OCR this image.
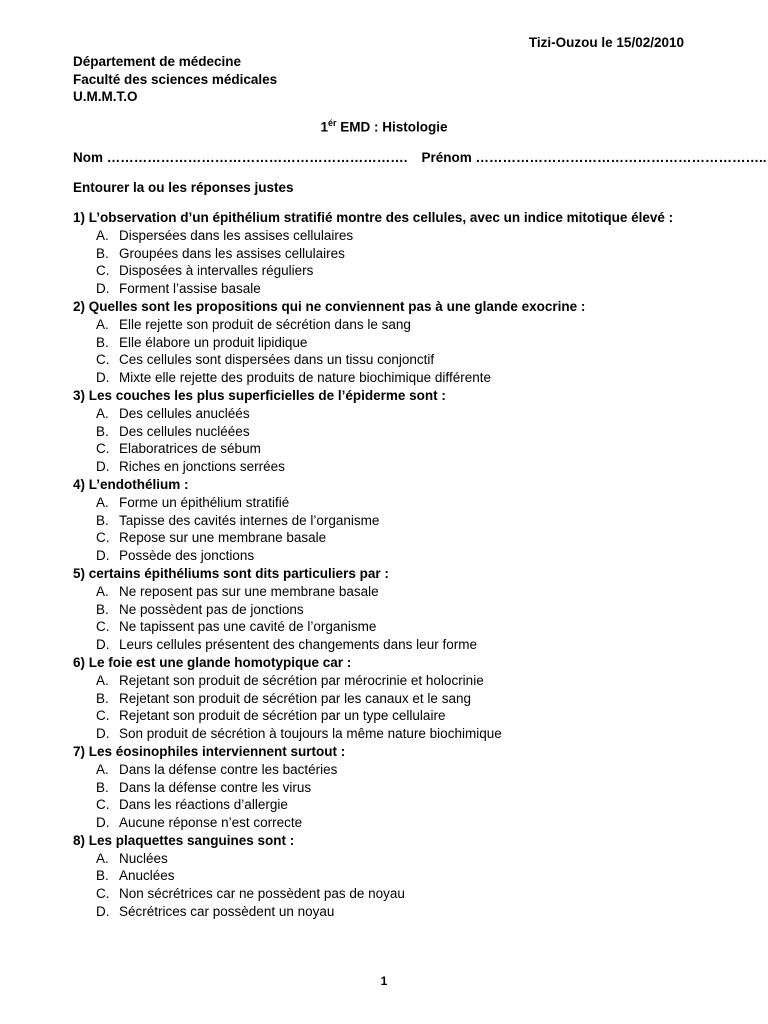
Tizi-Ouzou le 15/02/2010
Département de médecine
Faculté des sciences médicales
U.M.M.T.O
$1^{ér}$ EMD : Histologie
Nom …………………………………………………………. Prénom ………………………………………………………..
Entourer la ou les réponses justes
1) L’observation d’un épithélium stratifié montre des cellules, avec un indice mitotique élevé :
A. Dispersées dans les assises cellulaires
B. Groupées dans les assises cellulaires
C. Disposées à intervalles réguliers
D. Forment l’assise basale
2) Quelles sont les propositions qui ne conviennent pas à une glande exocrine :
A. Elle rejette son produit de sécrétion dans le sang
B. Elle élabore un produit lipidique
C. Ces cellules sont dispersées dans un tissu conjonctif
D. Mixte elle rejette des produits de nature biochimique différente
3) Les couches les plus superficielles de l’épiderme sont :
A. Des cellules anucléés
B. Des cellules nucléées
C. Elaboratrices de sébum
D. Riches en jonctions serrées
4) L’endothélium :
A. Forme un épithélium stratifié
B. Tapisse des cavités internes de l’organisme
C. Repose sur une membrane basale
D. Possède des jonctions
5) certains épithéliums sont dits particuliers par :
A. Ne reposent pas sur une membrane basale
B. Ne possèdent pas de jonctions
C. Ne tapissent pas une cavité de l’organisme
D. Leurs cellules présentent des changements dans leur forme
6) Le foie est une glande homotypique car :
A. Rejetant son produit de sécrétion par mérocrinie et holocrinie
B. Rejetant son produit de sécrétion par les canaux et le sang
C. Rejetant son produit de sécrétion par un type cellulaire
D. Son produit de sécrétion à toujours la même nature biochimique
7) Les éosinophiles interviennent surtout :
A. Dans la défense contre les bactéries
B. Dans la défense contre les virus
C. Dans les réactions d’allergie
D. Aucune réponse n’est correcte
8) Les plaquettes sanguines sont :
A. Nuclées
B. Anuclées
C. Non sécrétrices car ne possèdent pas de noyau
D. Sécrétrices car possèdent un noyau
1
